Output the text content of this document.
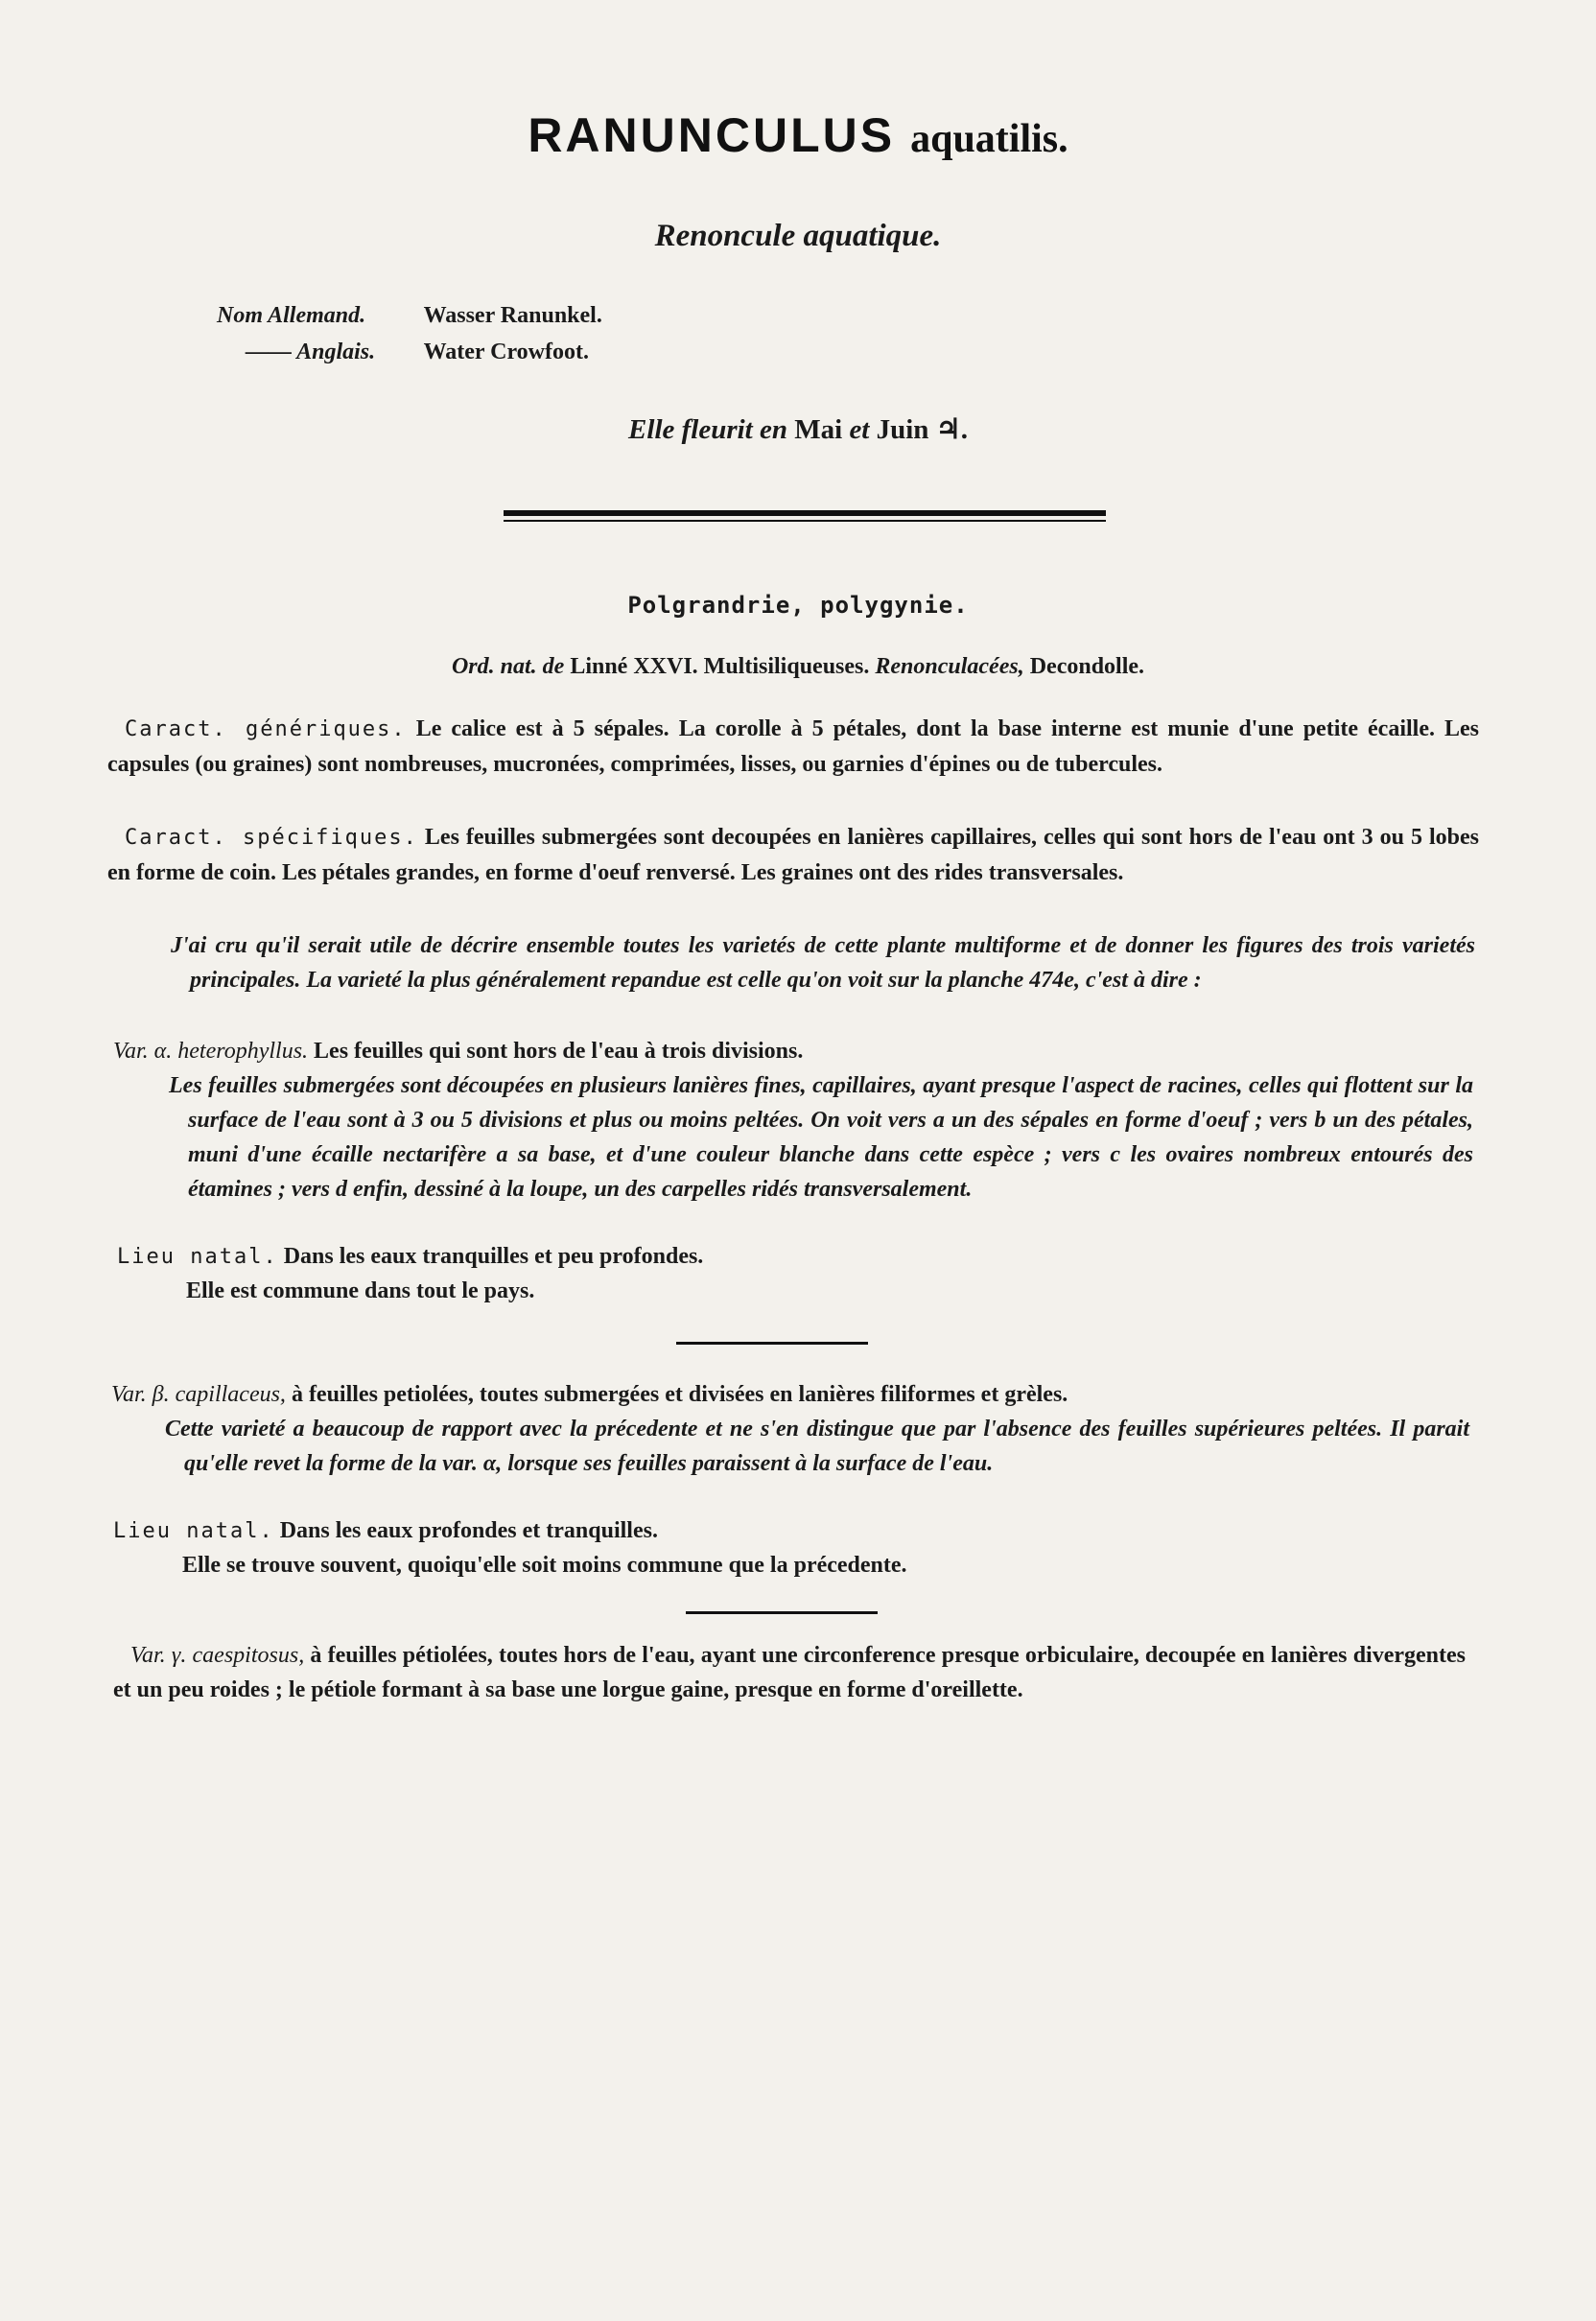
RANUNCULUS aquatilis.
Renoncule aquatique.
Nom Allemand.	Wasser Ranunkel.
—— Anglais. Water Crowfoot.
Elle fleurit en Mai et Juin ♃.
Polgrandrie, polygynie.
Ord. nat. de Linné XXVI. Multisiliqueuses. Renonculacées, Decondolle.
Caract. génériques. Le calice est à 5 sépales. La corolle à 5 pétales, dont la base interne est munie d'une petite écaille. Les capsules (ou graines) sont nombreuses, mucronées, comprimées, lisses, ou garnies d'épines ou de tubercules.
Caract. spécifiques. Les feuilles submergées sont decoupées en lanières capillaires, celles qui sont hors de l'eau ont 3 ou 5 lobes en forme de coin. Les pétales grandes, en forme d'oeuf renversé. Les graines ont des rides transversales.
J'ai cru qu'il serait utile de décrire ensemble toutes les varietés de cette plante multiforme et de donner les figures des trois varietés principales. La varieté la plus généralement repandue est celle qu'on voit sur la planche 474e, c'est à dire :
Var. α. heterophyllus. Les feuilles qui sont hors de l'eau à trois divisions.
Les feuilles submergées sont découpées en plusieurs lanières fines, capillaires, ayant presque l'aspect de racines, celles qui flottent sur la surface de l'eau sont à 3 ou 5 divisions et plus ou moins peltées. On voit vers a un des sépales en forme d'oeuf ; vers b un des pétales, muni d'une écaille nectarifère a sa base, et d'une couleur blanche dans cette espèce ; vers c les ovaires nombreux entourés des étamines ; vers d enfin, dessiné à la loupe, un des carpelles ridés transversalement.
Lieu natal. Dans les eaux tranquilles et peu profondes.
Elle est commune dans tout le pays.
Var. β. capillaceus, à feuilles petiolées, toutes submergées et divisées en lanières filiformes et grèles.
Cette varieté a beaucoup de rapport avec la précedente et ne s'en distingue que par l'absence des feuilles supérieures peltées. Il parait qu'elle revet la forme de la var. α, lorsque ses feuilles paraissent à la surface de l'eau.
Lieu natal. Dans les eaux profondes et tranquilles.
Elle se trouve souvent, quoiqu'elle soit moins commune que la précedente.
Var. γ. caespitosus, à feuilles pétiolées, toutes hors de l'eau, ayant une circonference presque orbiculaire, decoupée en lanières divergentes et un peu roides ; le pétiole formant à sa base une lorgue gaine, presque en forme d'oreillette.
